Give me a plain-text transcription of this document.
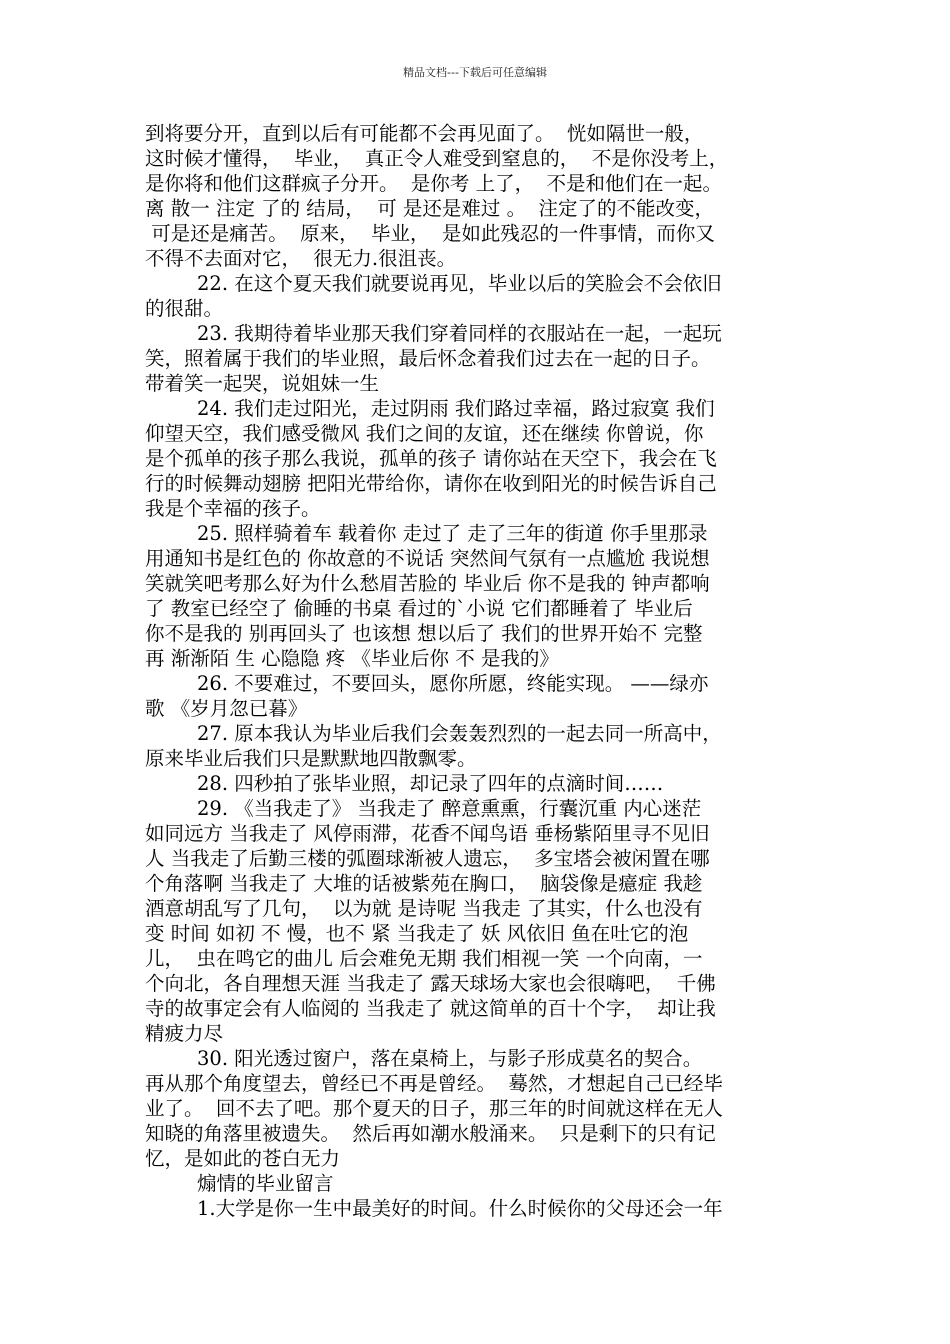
精品文档---下载后可任意编辑
到将要分开，直到以后有可能都不会再见面了。  恍如隔世一般，
这时候才懂得，  毕业，  真正令人难受到窒息的，  不是你没考上，
是你将和他们这群疯子分开。  是你考 上了，  不是和他们在一起。
离 散一 注定 了的 结局，  可 是还是难过 。  注定了的不能改变，
可是还是痛苦。  原来，  毕业，  是如此残忍的一件事情，而你又
不得不去面对它，  很无力.很沮丧。
22. 在这个夏天我们就要说再见，毕业以后的笑脸会不会依旧
的很甜。
23. 我期待着毕业那天我们穿着同样的衣服站在一起，一起玩
笑，照着属于我们的毕业照，最后怀念着我们过去在一起的日子。
带着笑一起哭，说姐妹一生
24. 我们走过阳光，走过阴雨 我们路过幸福，路过寂寞 我们
仰望天空，我们感受微风 我们之间的友谊，还在继续 你曾说，你
是个孤单的孩子那么我说，孤单的孩子 请你站在天空下，我会在飞
行的时候舞动翅膀 把阳光带给你，请你在收到阳光的时候告诉自己
我是个幸福的孩子。
25. 照样骑着车 载着你 走过了 走了三年的街道 你手里那录
用通知书是红色的 你故意的不说话 突然间气氛有一点尴尬 我说想
笑就笑吧考那么好为什么愁眉苦脸的 毕业后 你不是我的 钟声都响
了 教室已经空了 偷睡的书桌 看过的`小说 它们都睡着了 毕业后
你不是我的 别再回头了 也该想 想以后了 我们的世界开始不 完整
再 渐渐陌 生 心隐隐 疼 《毕业后你 不 是我的》
26. 不要难过，不要回头，愿你所愿，终能实现。 ——绿亦
歌 《岁月忽已暮》
27. 原本我认为毕业后我们会轰轰烈烈的一起去同一所高中，
原来毕业后我们只是默默地四散飘零。
28. 四秒拍了张毕业照，却记录了四年的点滴时间……
29. 《当我走了》 当我走了 醉意熏熏，行囊沉重 内心迷茫
如同远方 当我走了 风停雨滞，花香不闻鸟语 垂杨紫陌里寻不见旧
人 当我走了后勤三楼的弧圈球渐被人遗忘，  多宝塔会被闲置在哪
个角落啊 当我走了 大堆的话被紫苑在胸口，  脑袋像是癔症 我趁
酒意胡乱写了几句，  以为就 是诗呢 当我走 了其实，什么也没有
变 时间 如初 不 慢，也不 紧 当我走了 妖 风依旧 鱼在吐它的泡
儿，  虫在鸣它的曲儿 后会难免无期 我们相视一笑 一个向南，一
个向北，各自理想天涯 当我走了 露天球场大家也会很嗨吧，  千佛
寺的故事定会有人临阅的 当我走了 就这简单的百十个字，  却让我
精疲力尽
30. 阳光透过窗户，落在桌椅上，与影子形成莫名的契合。
再从那个角度望去，曾经已不再是曾经。  蓦然，才想起自己已经毕
业了。  回不去了吧。那个夏天的日子，那三年的时间就这样在无人
知晓的角落里被遗失。  然后再如潮水般涌来。  只是剩下的只有记
忆，是如此的苍白无力
煽情的毕业留言
1.大学是你一生中最美好的时间。什么时候你的父母还会一年
